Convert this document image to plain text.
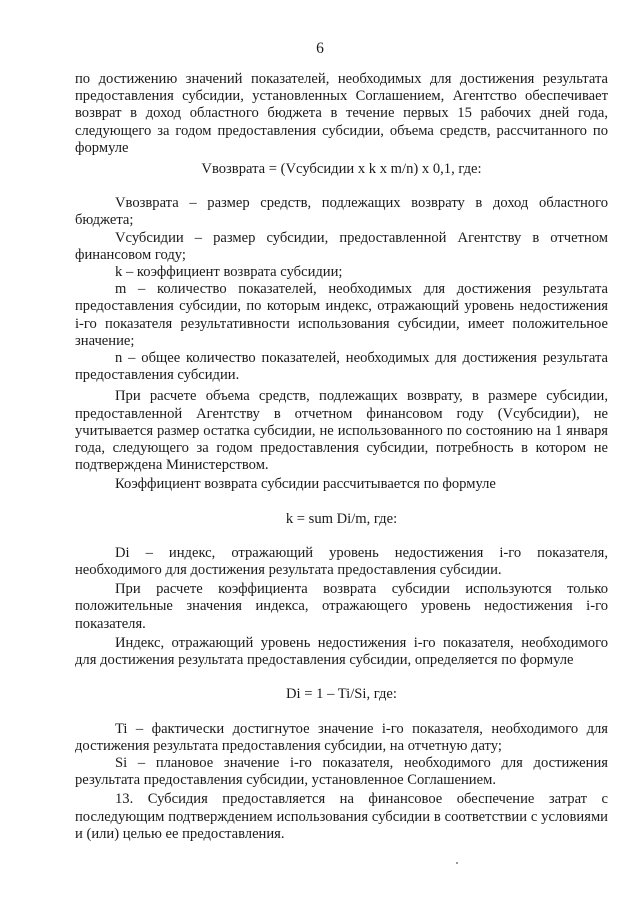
6

по достижению значений показателей, необходимых для достижения результата предоставления субсидии, установленных Соглашением, Агентство обеспечивает возврат в доход областного бюджета в течение первых 15 рабочих дней года, следующего за годом предоставления субсидии, объема средств, рассчитанного по формуле

Vвозврата = (Vсубсидии x k x m/n) x 0,1, где:

Vвозврата – размер средств, подлежащих возврату в доход областного бюджета;

Vсубсидии – размер субсидии, предоставленной Агентству в отчетном финансовом году;

k – коэффициент возврата субсидии;

m – количество показателей, необходимых для достижения результата предоставления субсидии, по которым индекс, отражающий уровень недостижения i-го показателя результативности использования субсидии, имеет положительное значение;

n – общее количество показателей, необходимых для достижения результата предоставления субсидии.

При расчете объема средств, подлежащих возврату, в размере субсидии, предоставленной Агентству в отчетном финансовом году (Vсубсидии), не учитывается размер остатка субсидии, не использованного по состоянию на 1 января года, следующего за годом предоставления субсидии, потребность в котором не подтверждена Министерством.

Коэффициент возврата субсидии рассчитывается по формуле

k = sum Di/m, где:

Di – индекс, отражающий уровень недостижения i-го показателя, необходимого для достижения результата предоставления субсидии.

При расчете коэффициента возврата субсидии используются только положительные значения индекса, отражающего уровень недостижения i-го показателя.

Индекс, отражающий уровень недостижения i-го показателя, необходимого для достижения результата предоставления субсидии, определяется по формуле

Di = 1 – Ti/Si, где:

Ti – фактически достигнутое значение i-го показателя, необходимого для достижения результата предоставления субсидии, на отчетную дату;

Si – плановое значение i-го показателя, необходимого для достижения результата предоставления субсидии, установленное Соглашением.

13. Субсидия предоставляется на финансовое обеспечение затрат с последующим подтверждением использования субсидии в соответствии с условиями и (или) целью ее предоставления.
